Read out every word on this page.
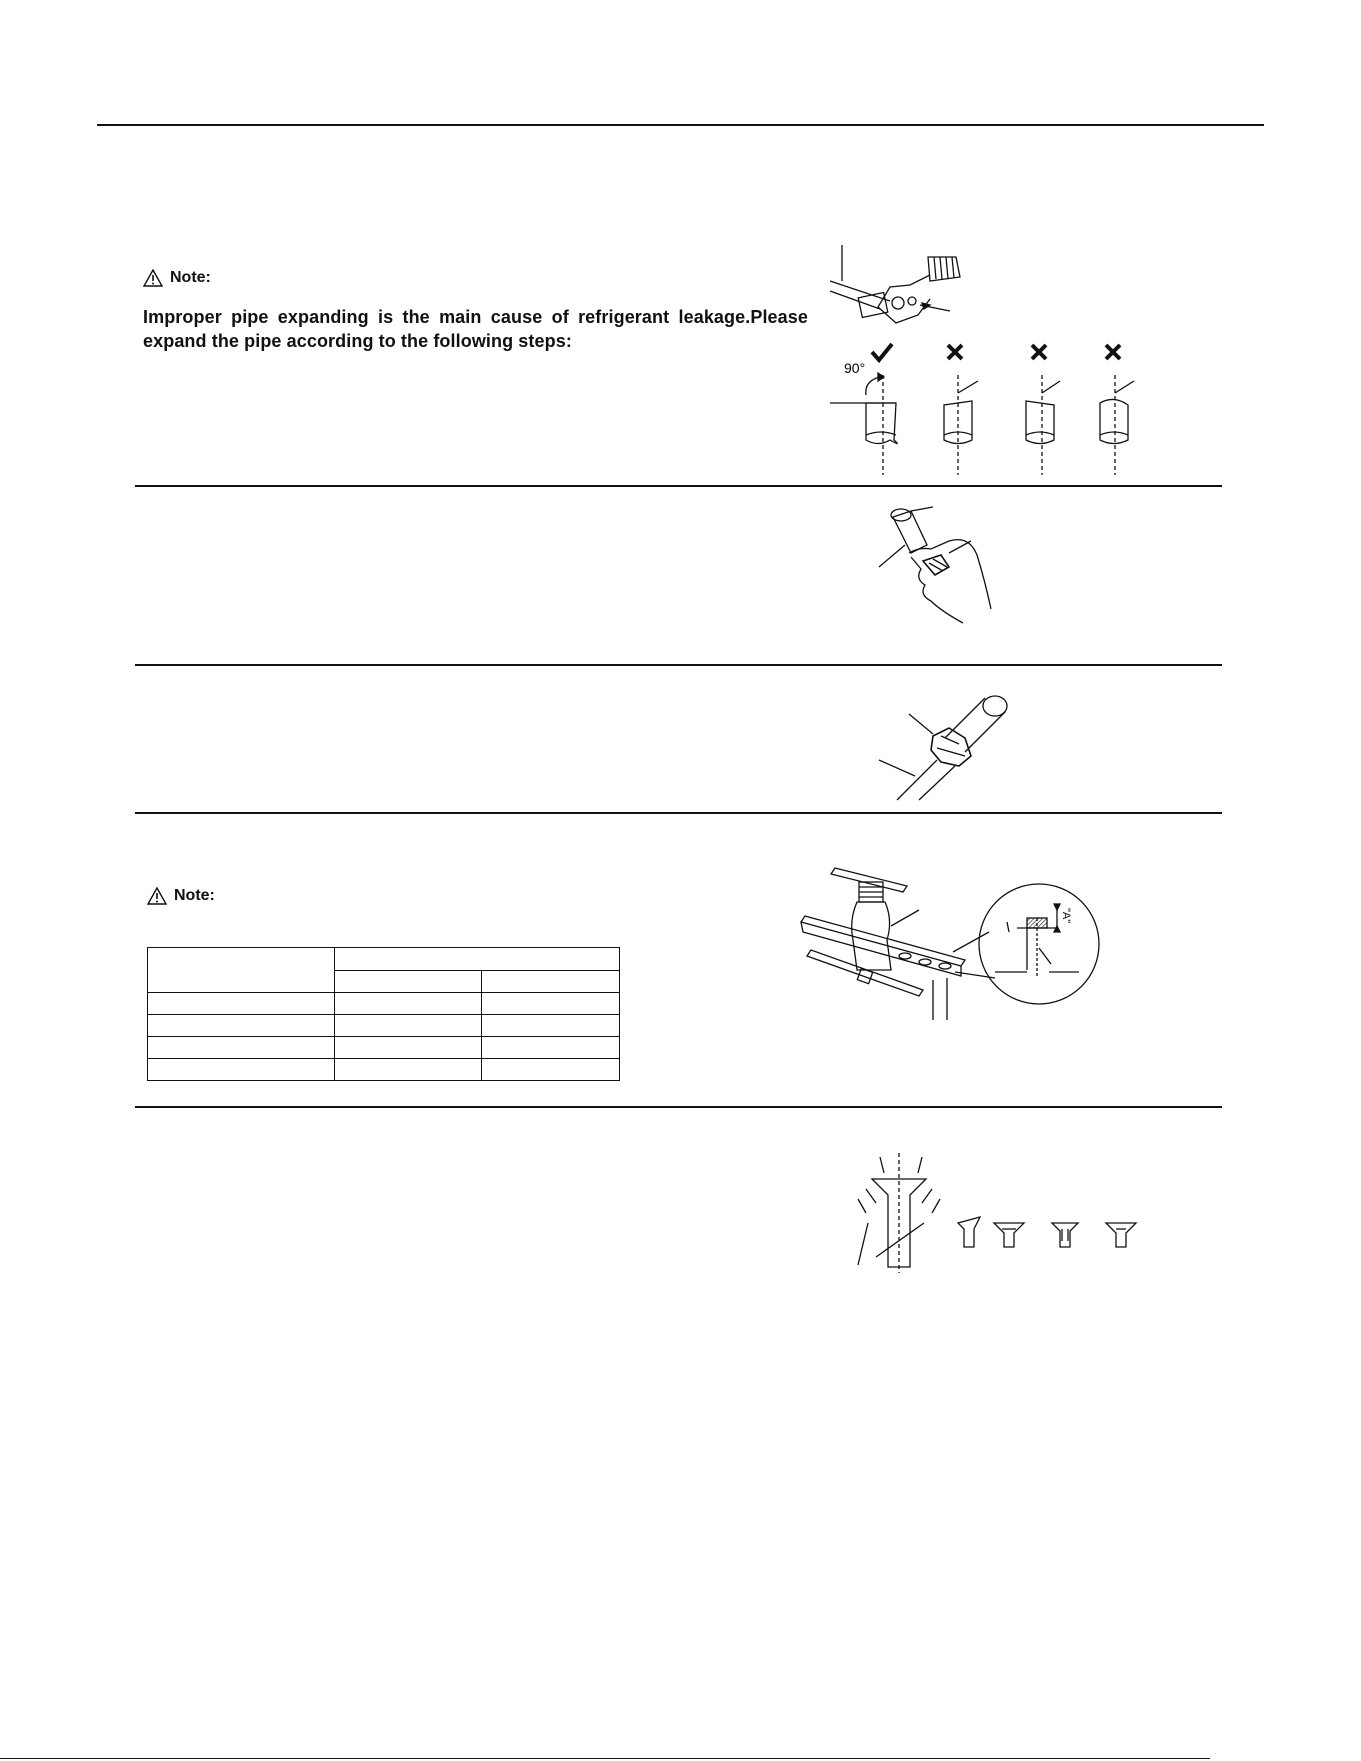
Note:
Improper pipe expanding is the main cause of refrigerant leakage.Please expand the pipe according to the following steps:
90°
Note:

"A"
